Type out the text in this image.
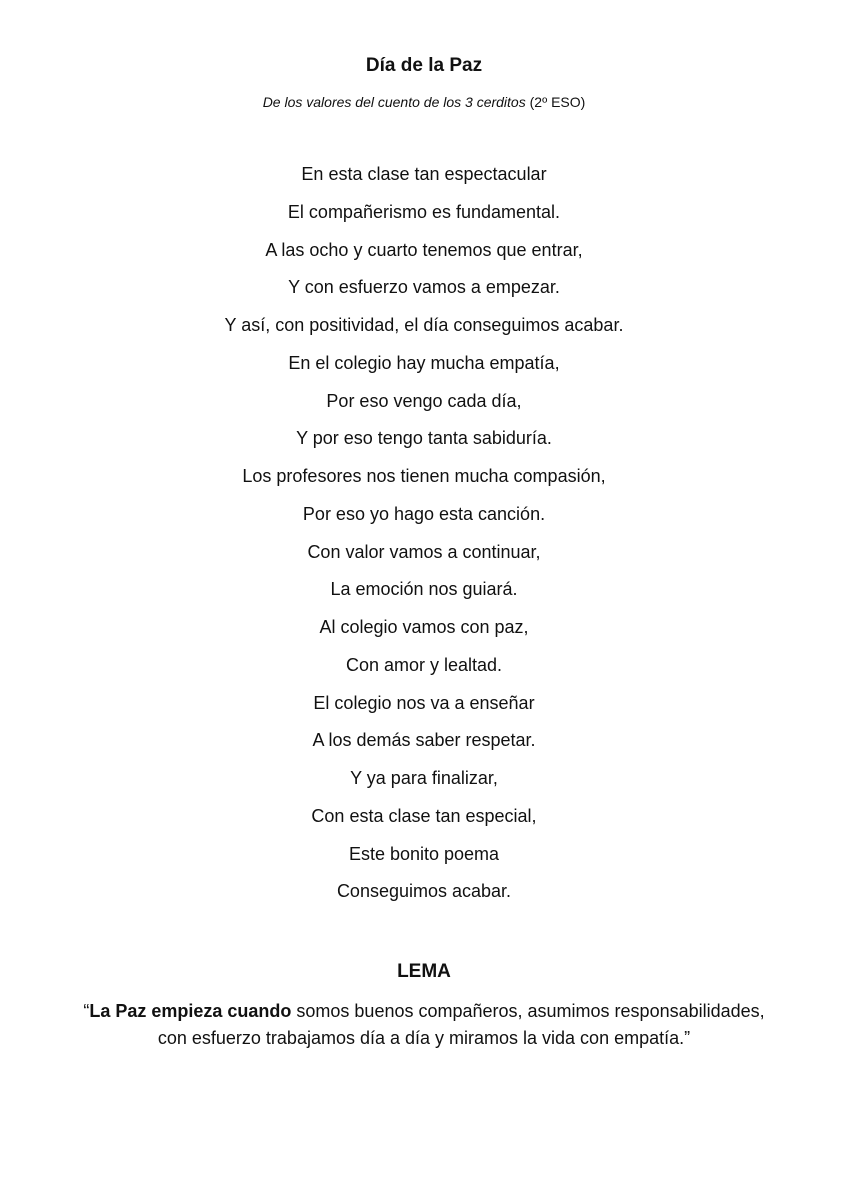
Día de la Paz
De los valores del cuento de los 3 cerditos (2º ESO)
En esta clase tan espectacular
El compañerismo es fundamental.
A las ocho y cuarto tenemos que entrar,
Y con esfuerzo vamos a empezar.
Y así, con positividad, el día conseguimos acabar.
En el colegio hay mucha empatía,
Por eso vengo cada día,
Y por eso tengo tanta sabiduría.
Los profesores nos tienen mucha compasión,
Por eso yo hago esta canción.
Con valor vamos a continuar,
La emoción nos guiará.
Al colegio vamos con paz,
Con amor y lealtad.
El colegio nos va a enseñar
A los demás saber respetar.
Y ya para finalizar,
Con esta clase tan especial,
Este bonito poema
Conseguimos acabar.
LEMA
“La Paz empieza cuando somos buenos compañeros, asumimos responsabilidades,
con esfuerzo trabajamos día a día y miramos la vida con empatía.”
